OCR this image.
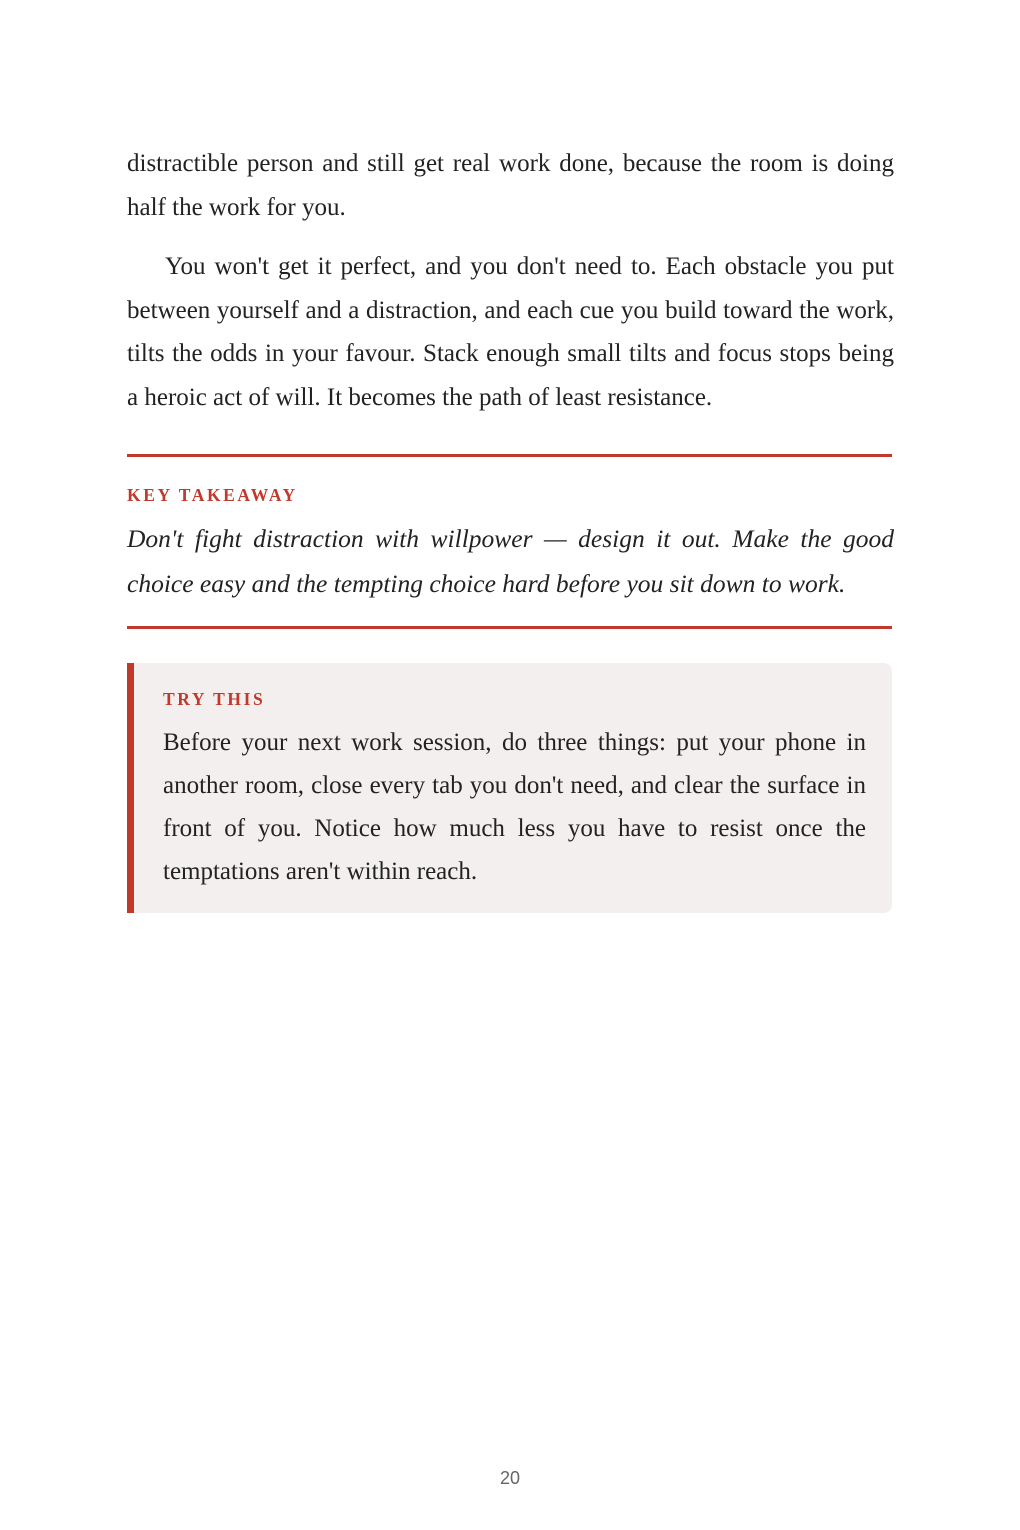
distractible person and still get real work done, because the room is doing half the work for you.

You won't get it perfect, and you don't need to. Each obstacle you put between yourself and a distraction, and each cue you build toward the work, tilts the odds in your favour. Stack enough small tilts and focus stops being a heroic act of will. It becomes the path of least resistance.

KEY TAKEAWAY

Don't fight distraction with willpower — design it out. Make the good choice easy and the tempting choice hard before you sit down to work.

TRY THIS

Before your next work session, do three things: put your phone in another room, close every tab you don't need, and clear the surface in front of you. Notice how much less you have to resist once the temptations aren't within reach.

20
